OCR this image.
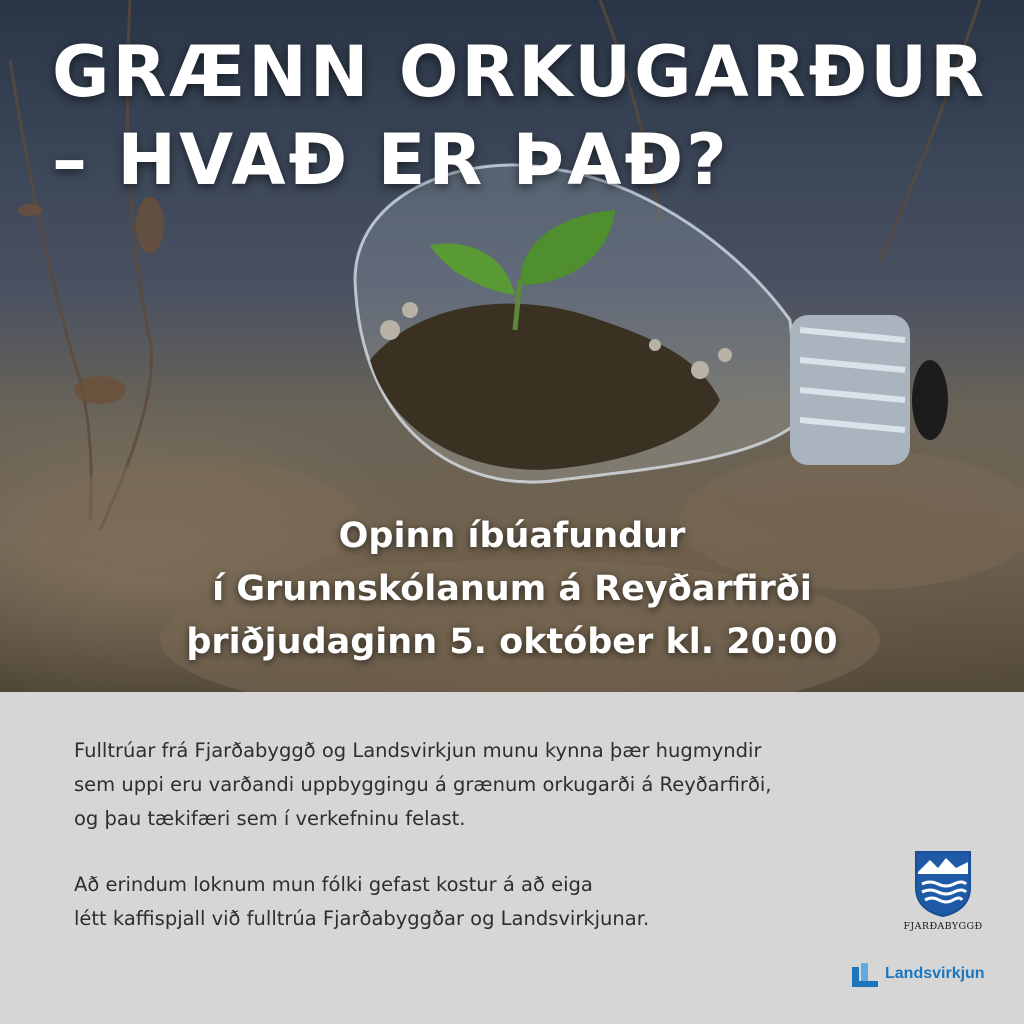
GRÆNN ORKUGARÐUR
– HVAÐ ER ÞAÐ?
Opinn íbúafundur
í Grunnskólanum á Reyðarfirði
þriðjudaginn 5. október kl. 20:00
Fulltrúar frá Fjarðabyggð og Landsvirkjun munu kynna þær hugmyndir
sem uppi eru varðandi uppbyggingu á grænum orkugarði á Reyðarfirði,
og þau tækifæri sem í verkefninu felast.
Að erindum loknum mun fólki gefast kostur á að eiga
létt kaffispjall við fulltrúa Fjarðabyggðar og Landsvirkjunar.	FJARÐABYGGÐ
Landsvirkjun
